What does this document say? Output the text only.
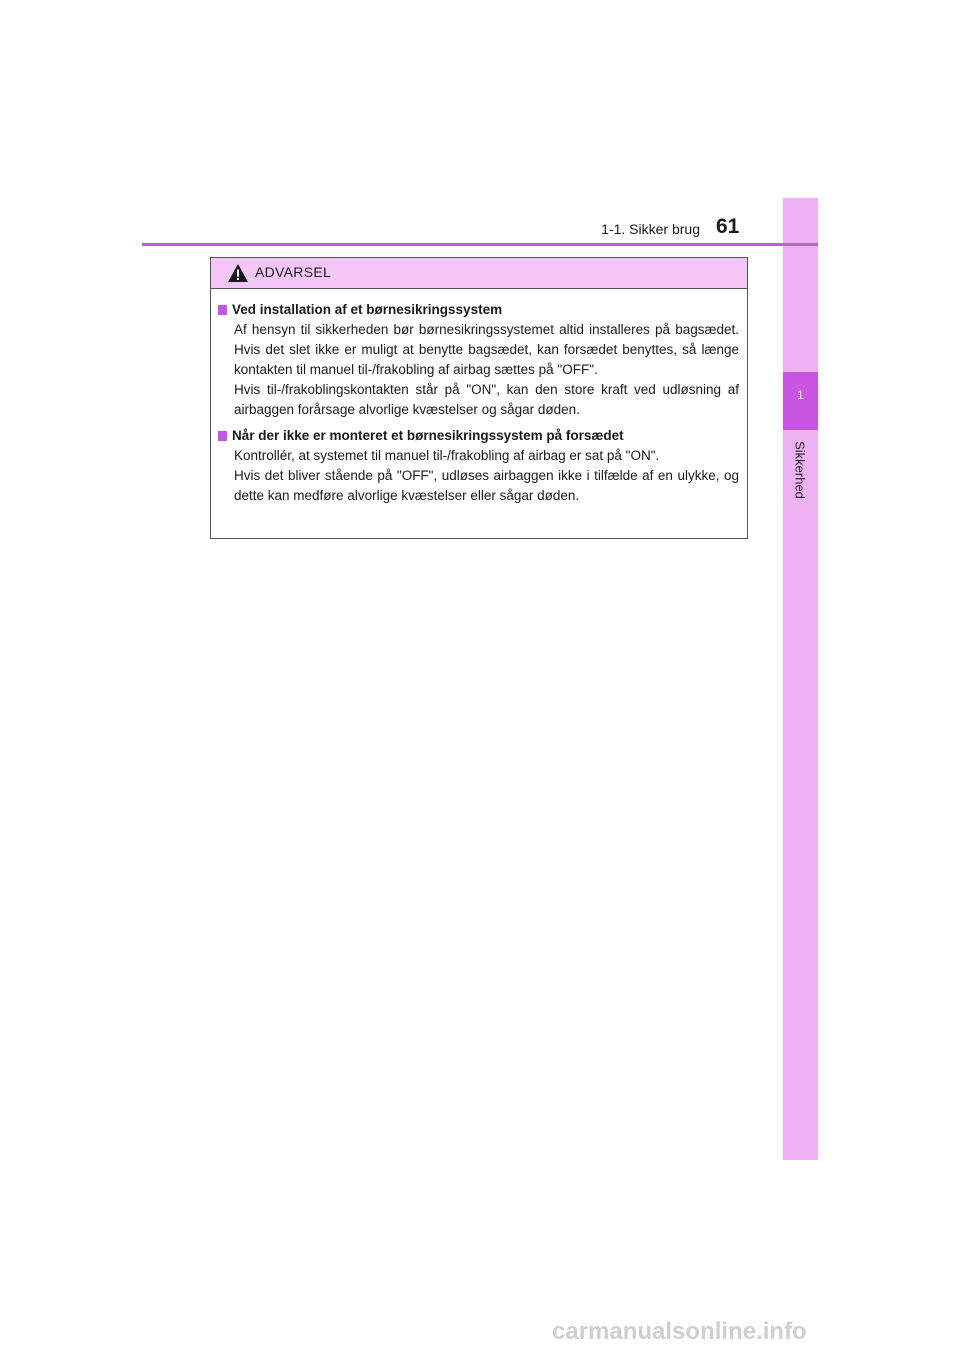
1
Sikkerhed
1-1. Sikker brug 61
ADVARSEL
Ved installation af et børnesikringssystem

Af hensyn til sikkerheden bør børnesikringssystemet altid installeres på bagsædet. Hvis det slet ikke er muligt at benytte bagsædet, kan forsædet benyttes, så længe kontakten til manuel til-/frakobling af airbag sættes på "OFF".

Hvis til-/frakoblingskontakten står på "ON", kan den store kraft ved udløsning af airbaggen forårsage alvorlige kvæstelser og sågar døden.

Når der ikke er monteret et børnesikringssystem på forsædet

Kontrollér, at systemet til manuel til-/frakobling af airbag er sat på "ON".

Hvis det bliver stående på "OFF", udløses airbaggen ikke i tilfælde af en ulykke, og dette kan medføre alvorlige kvæstelser eller sågar døden.

carmanualsonline.info
